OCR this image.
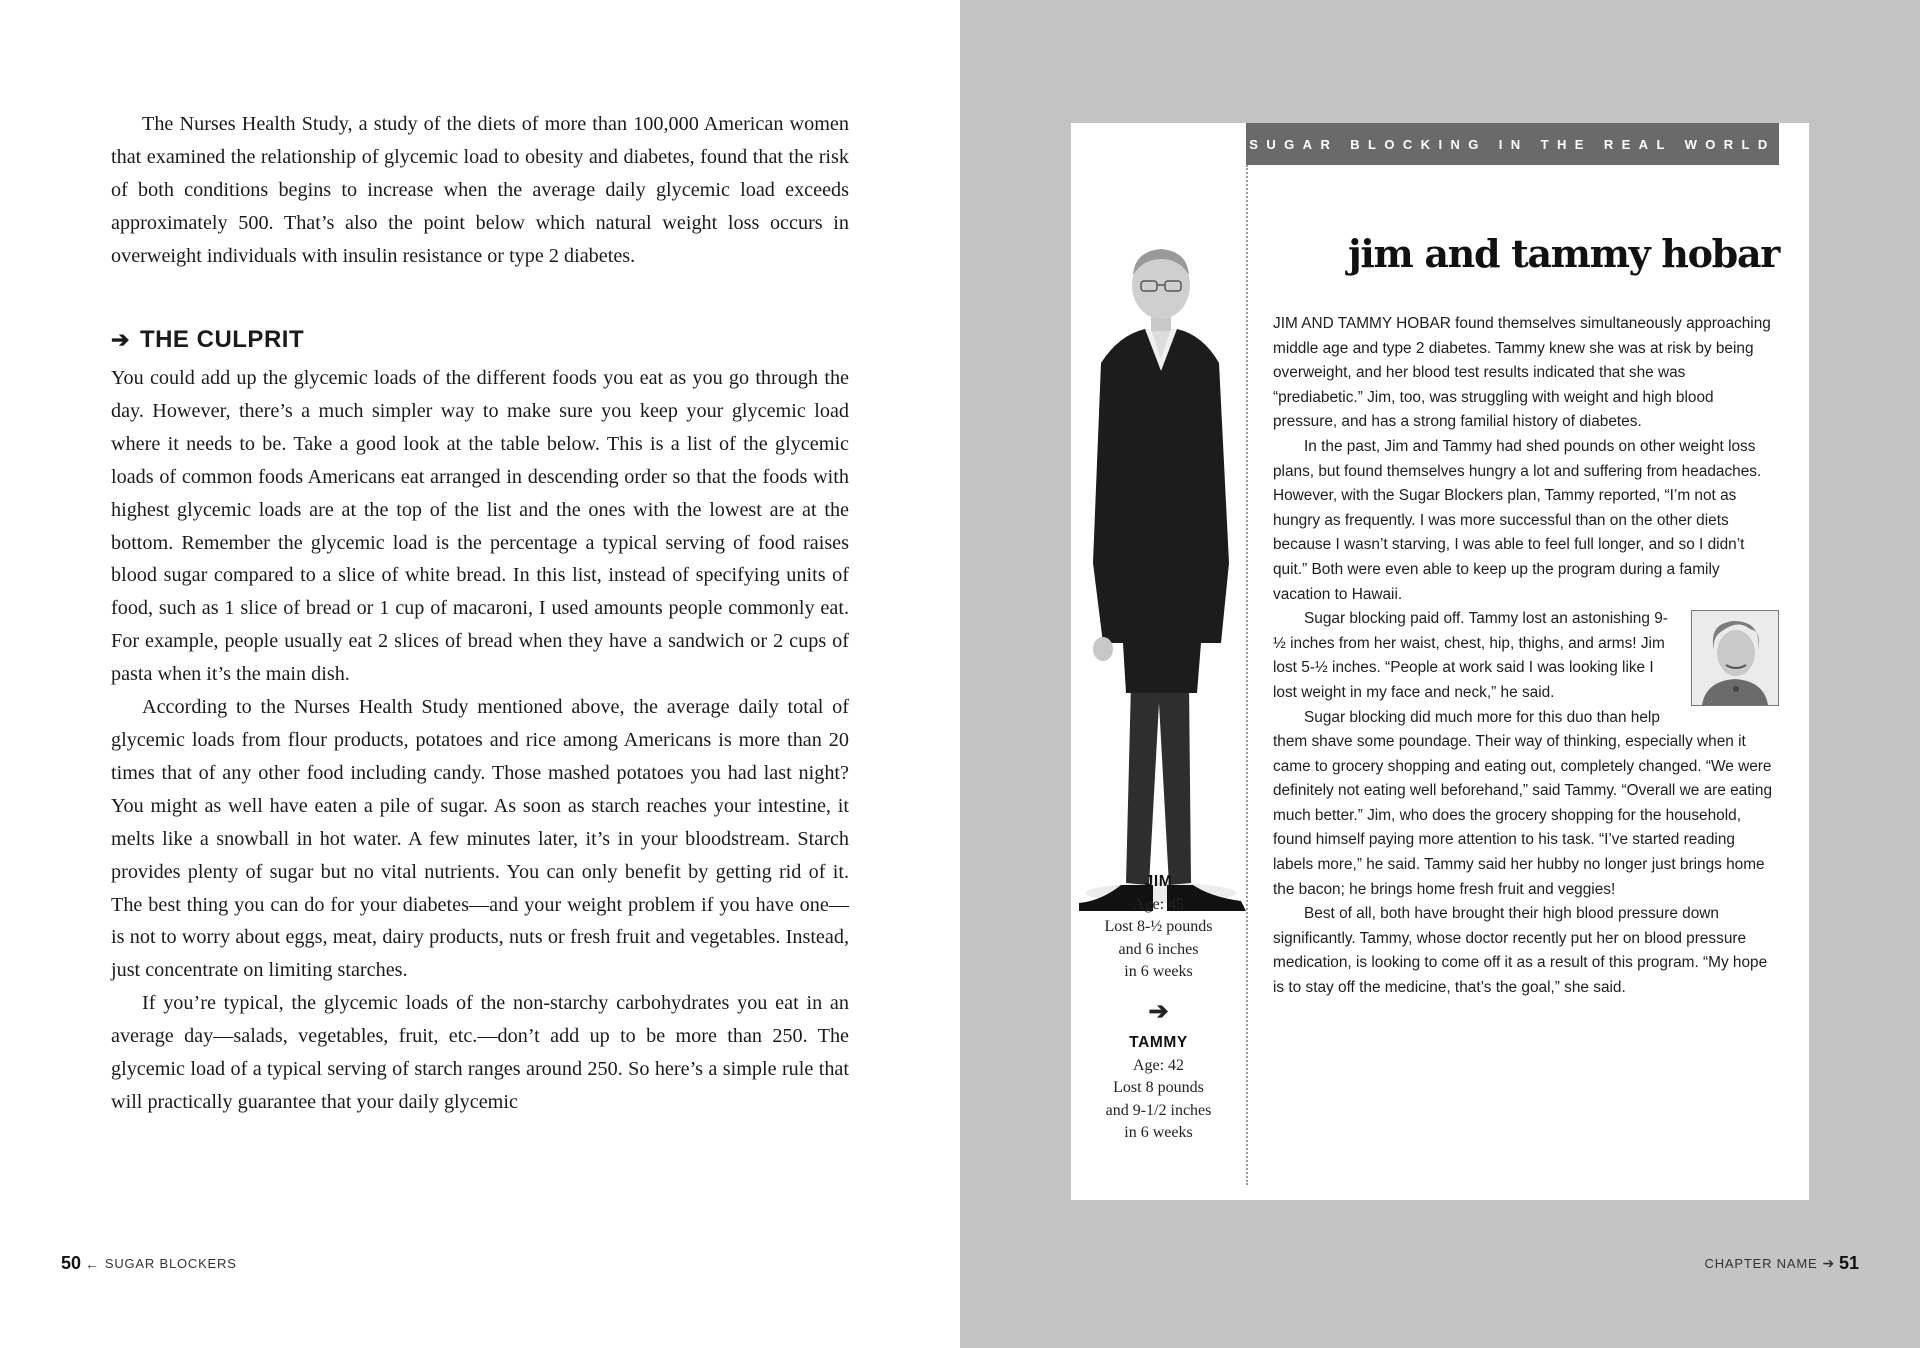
The Nurses Health Study, a study of the diets of more than 100,000 American women that examined the relationship of glycemic load to obesity and diabetes, found that the risk of both conditions begins to increase when the average daily glycemic load exceeds approximately 500. That’s also the point below which natural weight loss occurs in overweight individuals with insulin resistance or type 2 diabetes.

➔ THE CULPRIT

You could add up the glycemic loads of the different foods you eat as you go through the day. However, there’s a much simpler way to make sure you keep your glycemic load where it needs to be. Take a good look at the table below. This is a list of the glycemic loads of common foods Americans eat arranged in descending order so that the foods with highest glycemic loads are at the top of the list and the ones with the lowest are at the bottom. Remember the glycemic load is the percentage a typical serving of food raises blood sugar compared to a slice of white bread. In this list, instead of specifying units of food, such as 1 slice of bread or 1 cup of macaroni, I used amounts people commonly eat. For example, people usually eat 2 slices of bread when they have a sandwich or 2 cups of pasta when it’s the main dish.

According to the Nurses Health Study mentioned above, the average daily total of glycemic loads from flour products, potatoes and rice among Americans is more than 20 times that of any other food including candy. Those mashed potatoes you had last night? You might as well have eaten a pile of sugar. As soon as starch reaches your intestine, it melts like a snowball in hot water. A few minutes later, it’s in your bloodstream. Starch provides plenty of sugar but no vital nutrients. You can only benefit by getting rid of it. The best thing you can do for your diabetes—and your weight problem if you have one—is not to worry about eggs, meat, dairy products, nuts or fresh fruit and vegetables. Instead, just concentrate on limiting starches.

If you’re typical, the glycemic loads of the non-starchy carbohydrates you eat in an average day—salads, vegetables, fruit, etc.—don’t add up to be more than 250. The glycemic load of a typical serving of starch ranges around 250. So here’s a simple rule that will practically guarantee that your daily glycemic

50 ← SUGAR BLOCKERS	CHAPTER NAME ➔ 51
SUGAR BLOCKING IN THE REAL WORLD
JIM
Age: 45
Lost 8-½ pounds
and 6 inches
in 6 weeks
➔
TAMMY
Age: 42
Lost 8 pounds
and 9-1/2 inches
in 6 weeks
jim and tammy hobar

JIM AND TAMMY HOBAR found themselves simultaneously approaching middle age and type 2 diabetes. Tammy knew she was at risk by being overweight, and her blood test results indicated that she was “prediabetic.” Jim, too, was struggling with weight and high blood pressure, and has a strong familial history of diabetes.

In the past, Jim and Tammy had shed pounds on other weight loss plans, but found themselves hungry a lot and suffering from headaches. However, with the Sugar Blockers plan, Tammy reported, “I’m not as hungry as frequently. I was more successful than on the other diets because I wasn’t starving, I was able to feel full longer, and so I didn’t quit.” Both were even able to keep up the program during a family vacation to Hawaii.

Sugar blocking paid off. Tammy lost an astonishing 9-½ inches from her waist, chest, hip, thighs, and arms! Jim lost 5-½ inches. “People at work said I was looking like I lost weight in my face and neck,” he said.

Sugar blocking did much more for this duo than help them shave some poundage. Their way of thinking, especially when it came to grocery shopping and eating out, completely changed. “We were definitely not eating well beforehand,” said Tammy. “Overall we are eating much better.” Jim, who does the grocery shopping for the household, found himself paying more attention to his task. “I’ve started reading labels more,” he said. Tammy said her hubby no longer just brings home the bacon; he brings home fresh fruit and veggies!

Best of all, both have brought their high blood pressure down significantly. Tammy, whose doctor recently put her on blood pressure medication, is looking to come off it as a result of this program. “My hope is to stay off the medicine, that’s the goal,” she said.
